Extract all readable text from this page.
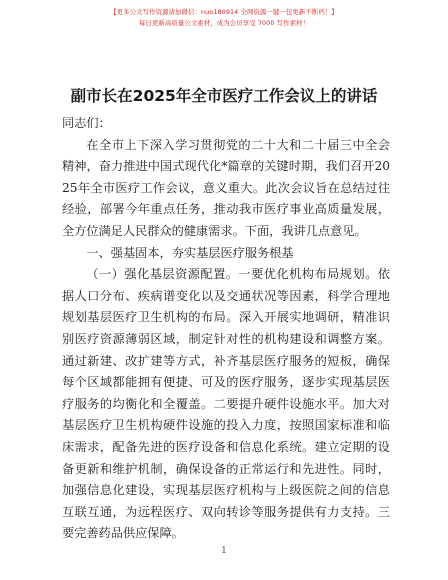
【更多公文写作资源请加微信：nuo180914 全网资源一键一包更新不断档！】
每日更新高质量公文素材，成为会员享受 7000 写作素材！
副市长在2025年全市医疗工作会议上的讲话

同志们：

在全市上下深入学习贯彻党的二十大和二十届三中全会精神，奋力推进中国式现代化*篇章的关键时期，我们召开2025年全市医疗工作会议，意义重大。此次会议旨在总结过往经验，部署今年重点任务，推动我市医疗事业高质量发展，全方位满足人民群众的健康需求。下面，我讲几点意见。

一、强基固本，夯实基层医疗服务根基

（一）强化基层资源配置。一要优化机构布局规划。依据人口分布、疾病谱变化以及交通状况等因素，科学合理地规划基层医疗卫生机构的布局。深入开展实地调研，精准识别医疗资源薄弱区域，制定针对性的机构建设和调整方案。通过新建、改扩建等方式，补齐基层医疗服务的短板，确保每个区域都能拥有便捷、可及的医疗服务，逐步实现基层医疗服务的均衡化和全覆盖。二要提升硬件设施水平。加大对基层医疗卫生机构硬件设施的投入力度，按照国家标准和临床需求，配备先进的医疗设备和信息化系统。建立定期的设备更新和维护机制，确保设备的正常运行和先进性。同时，加强信息化建设，实现基层医疗机构与上级医院之间的信息互联互通，为远程医疗、双向转诊等服务提供有力支持。三要完善药品供应保障。

1
